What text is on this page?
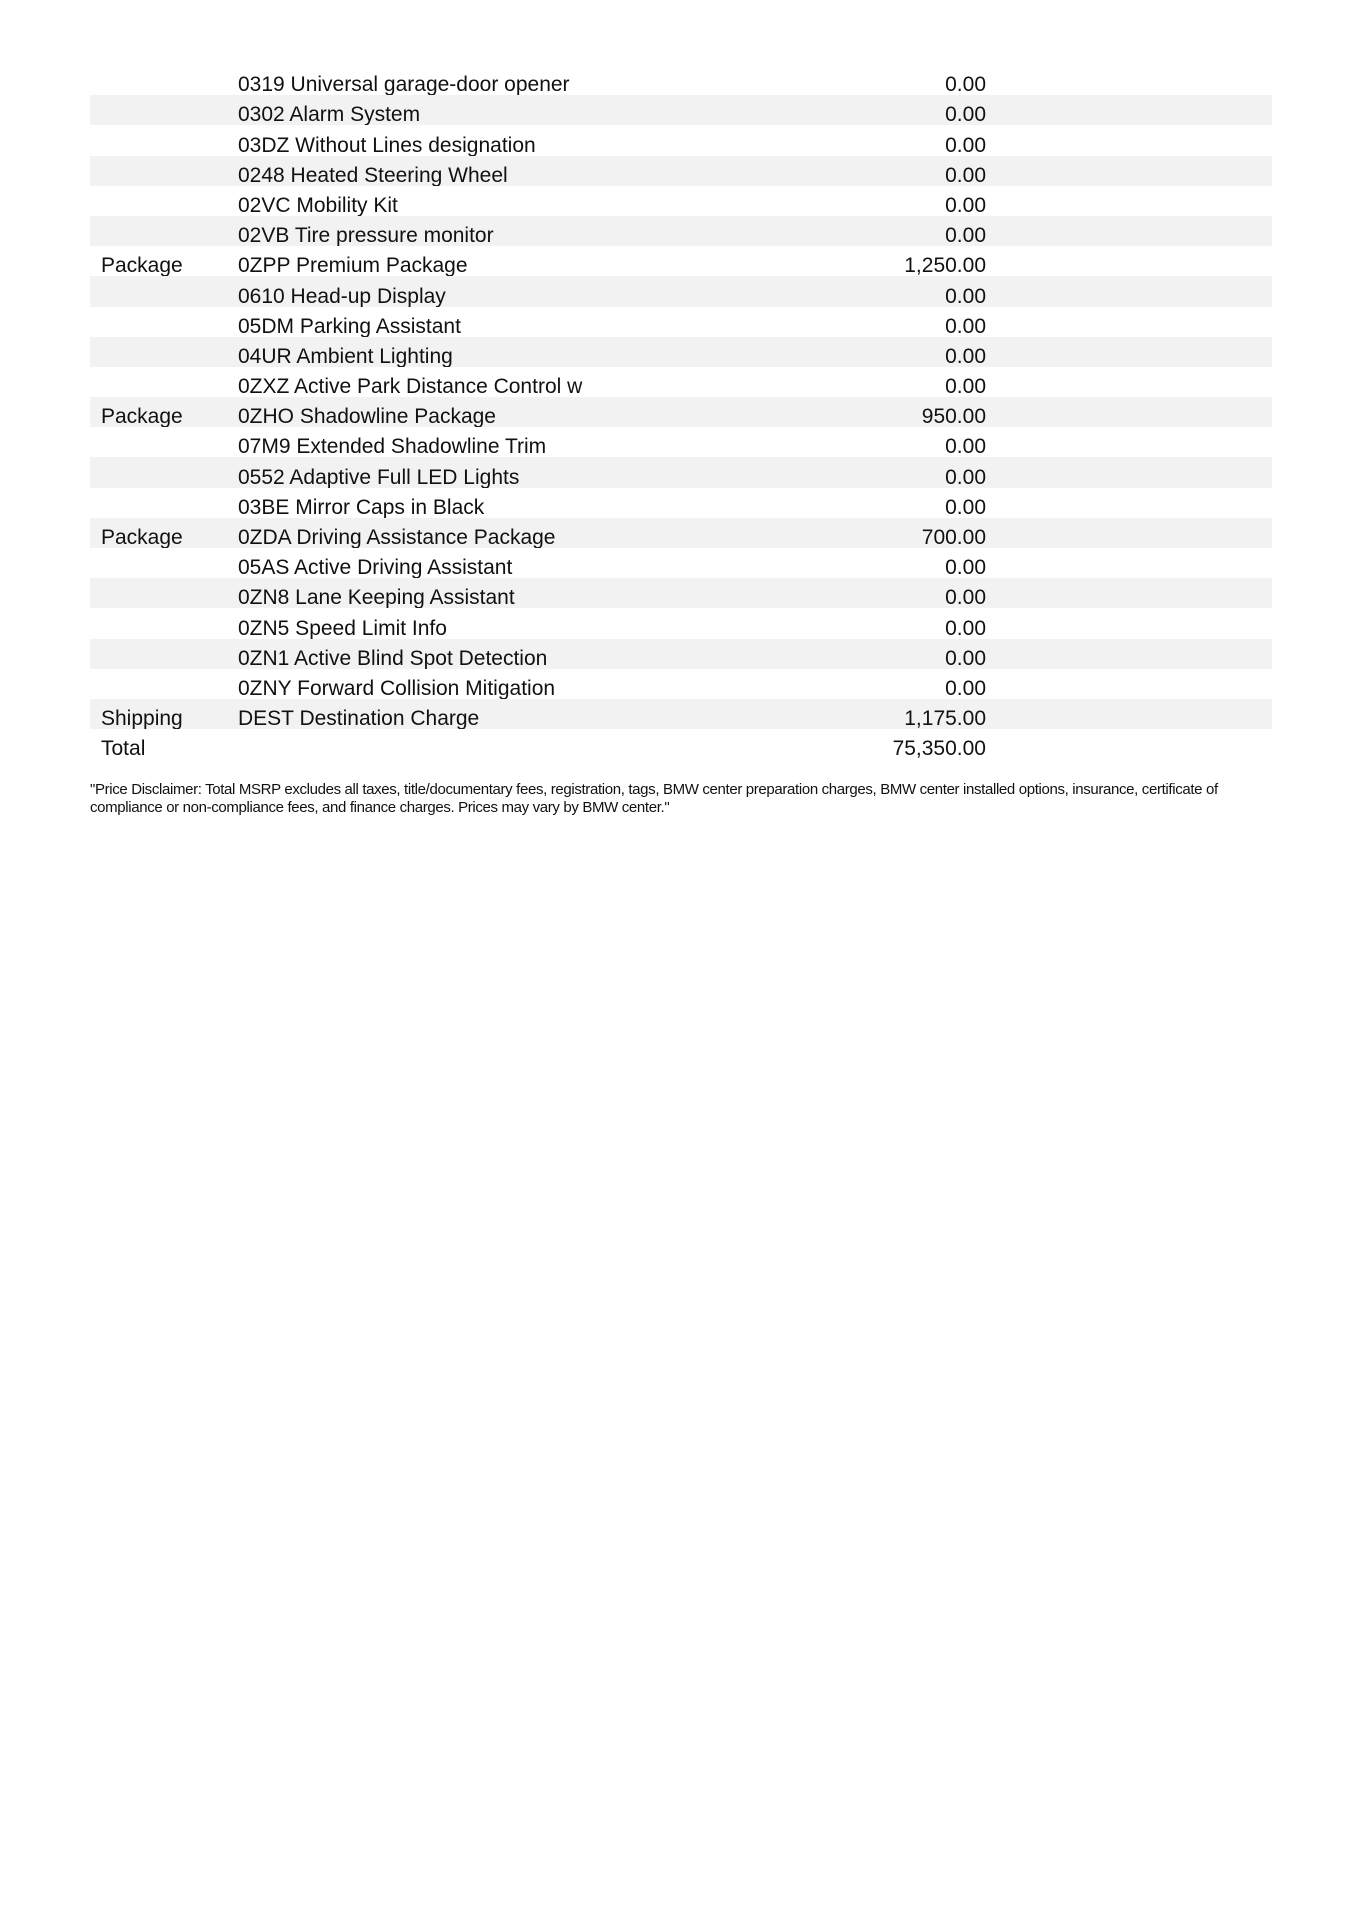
	0319 Universal garage-door opener	0.00	
	0302 Alarm System	0.00	
	03DZ Without Lines designation	0.00	
	0248 Heated Steering Wheel	0.00	
	02VC Mobility Kit	0.00	
	02VB Tire pressure monitor	0.00	
Package	0ZPP Premium Package	1,250.00	
	0610 Head-up Display	0.00	
	05DM Parking Assistant	0.00	
	04UR Ambient Lighting	0.00	
	0ZXZ Active Park Distance Control w	0.00	
Package	0ZHO Shadowline Package	950.00	
	07M9 Extended Shadowline Trim	0.00	
	0552 Adaptive Full LED Lights	0.00	
	03BE Mirror Caps in Black	0.00	
Package	0ZDA Driving Assistance Package	700.00	
	05AS Active Driving Assistant	0.00	
	0ZN8 Lane Keeping Assistant	0.00	
	0ZN5 Speed Limit Info	0.00	
	0ZN1 Active Blind Spot Detection	0.00	
	0ZNY Forward Collision Mitigation	0.00	
Shipping	DEST Destination Charge	1,175.00	
Total		75,350.00	
"Price Disclaimer: Total MSRP excludes all taxes, title/documentary fees, registration, tags, BMW center preparation charges, BMW center installed options, insurance, certificate of compliance or non-compliance fees, and finance charges. Prices may vary by BMW center."
